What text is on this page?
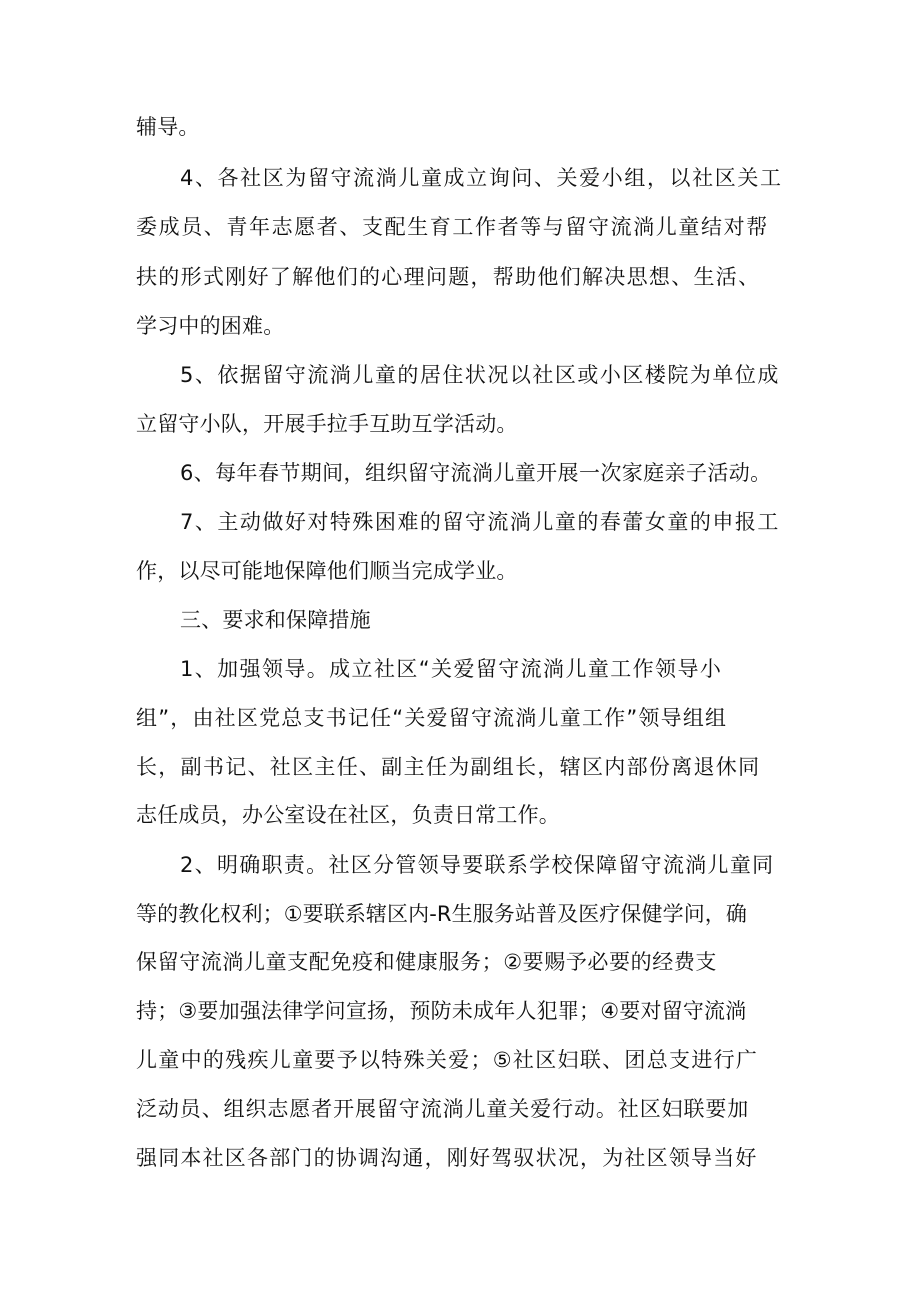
辅导。

4、各社区为留守流淌儿童成立询问、关爱小组，以社区关工

委成员、青年志愿者、支配生育工作者等与留守流淌儿童结对帮

扶的形式刚好了解他们的心理问题，帮助他们解决思想、生活、

学习中的困难。

5、依据留守流淌儿童的居住状况以社区或小区楼院为单位成

立留守小队，开展手拉手互助互学活动。

6、每年春节期间，组织留守流淌儿童开展一次家庭亲子活动。

7、主动做好对特殊困难的留守流淌儿童的春蕾女童的申报工

作，以尽可能地保障他们顺当完成学业。

三、要求和保障措施

1、加强领导。成立社区“关爱留守流淌儿童工作领导小

组”，由社区党总支书记任“关爱留守流淌儿童工作”领导组组

长，副书记、社区主任、副主任为副组长，辖区内部份离退休同

志任成员，办公室设在社区，负责日常工作。

2、明确职责。社区分管领导要联系学校保障留守流淌儿童同

等的教化权利；①要联系辖区内-R生服务站普及医疗保健学问，确

保留守流淌儿童支配免疫和健康服务；②要赐予必要的经费支

持；③要加强法律学问宣扬，预防未成年人犯罪；④要对留守流淌

儿童中的残疾儿童要予以特殊关爱；⑤社区妇联、团总支进行广

泛动员、组织志愿者开展留守流淌儿童关爱行动。社区妇联要加

强同本社区各部门的协调沟通，刚好驾驭状况，为社区领导当好
